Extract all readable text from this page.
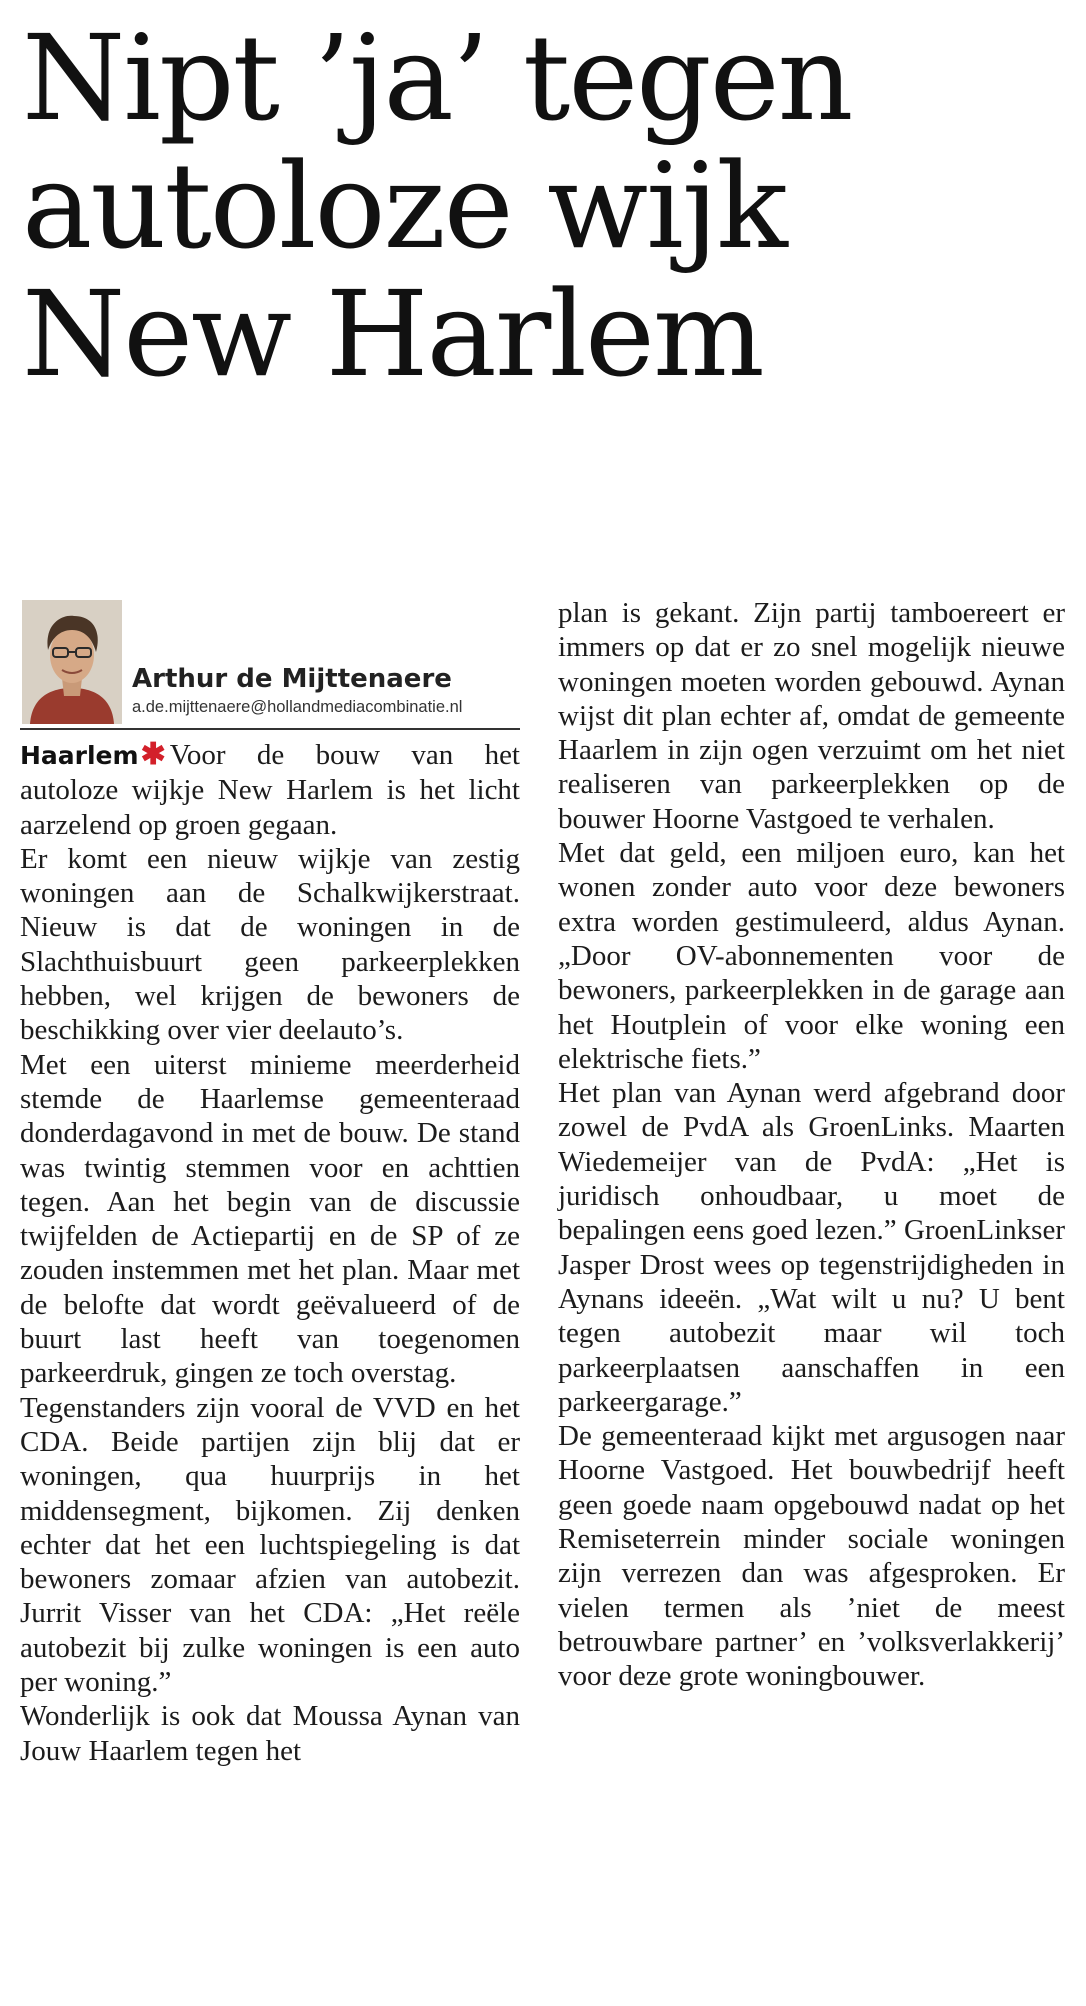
Nipt ’ja’ tegen
autoloze wijk
New Harlem
Arthur de Mijttenaere
a.de.mijttenaere@hollandmediacombinatie.nl

Haarlem✱ Voor de bouw van het autoloze wijkje New Harlem is het licht aarzelend op groen gegaan.

Er komt een nieuw wijkje van zestig woningen aan de Schalkwijkerstraat. Nieuw is dat de woningen in de Slachthuisbuurt geen parkeerplekken hebben, wel krijgen de bewoners de beschikking over vier deelauto’s.

Met een uiterst minieme meerderheid stemde de Haarlemse gemeenteraad donderdagavond in met de bouw. De stand was twintig stemmen voor en achttien tegen. Aan het begin van de discussie twijfelden de Actiepartij en de SP of ze zouden instemmen met het plan. Maar met de belofte dat wordt geëvalueerd of de buurt last heeft van toegenomen parkeerdruk, gingen ze toch overstag.

Tegenstanders zijn vooral de VVD en het CDA. Beide partijen zijn blij dat er woningen, qua huurprijs in het middensegment, bijkomen. Zij denken echter dat het een luchtspiegeling is dat bewoners zomaar afzien van autobezit. Jurrit Visser van het CDA: „Het reële autobezit bij zulke woningen is een auto per woning.”

Wonderlijk is ook dat Moussa Aynan van Jouw Haarlem tegen het

plan is gekant. Zijn partij tamboereert er immers op dat er zo snel mogelijk nieuwe woningen moeten worden gebouwd. Aynan wijst dit plan echter af, omdat de gemeente Haarlem in zijn ogen verzuimt om het niet realiseren van parkeerplekken op de bouwer Hoorne Vastgoed te verhalen.

Met dat geld, een miljoen euro, kan het wonen zonder auto voor deze bewoners extra worden gestimuleerd, aldus Aynan. „Door OV-abonnementen voor de bewoners, parkeerplekken in de garage aan het Houtplein of voor elke woning een elektrische fiets.”

Het plan van Aynan werd afgebrand door zowel de PvdA als GroenLinks. Maarten Wiedemeijer van de PvdA: „Het is juridisch onhoudbaar, u moet de bepalingen eens goed lezen.” GroenLinkser Jasper Drost wees op tegenstrijdigheden in Aynans ideeën. „Wat wilt u nu? U bent tegen autobezit maar wil toch parkeerplaatsen aanschaffen in een parkeergarage.”

De gemeenteraad kijkt met argusogen naar Hoorne Vastgoed. Het bouwbedrijf heeft geen goede naam opgebouwd nadat op het Remiseterrein minder sociale woningen zijn verrezen dan was afgesproken. Er vielen termen als ’niet de meest betrouwbare partner’ en ’volksverlakkerij’ voor deze grote woningbouwer.
